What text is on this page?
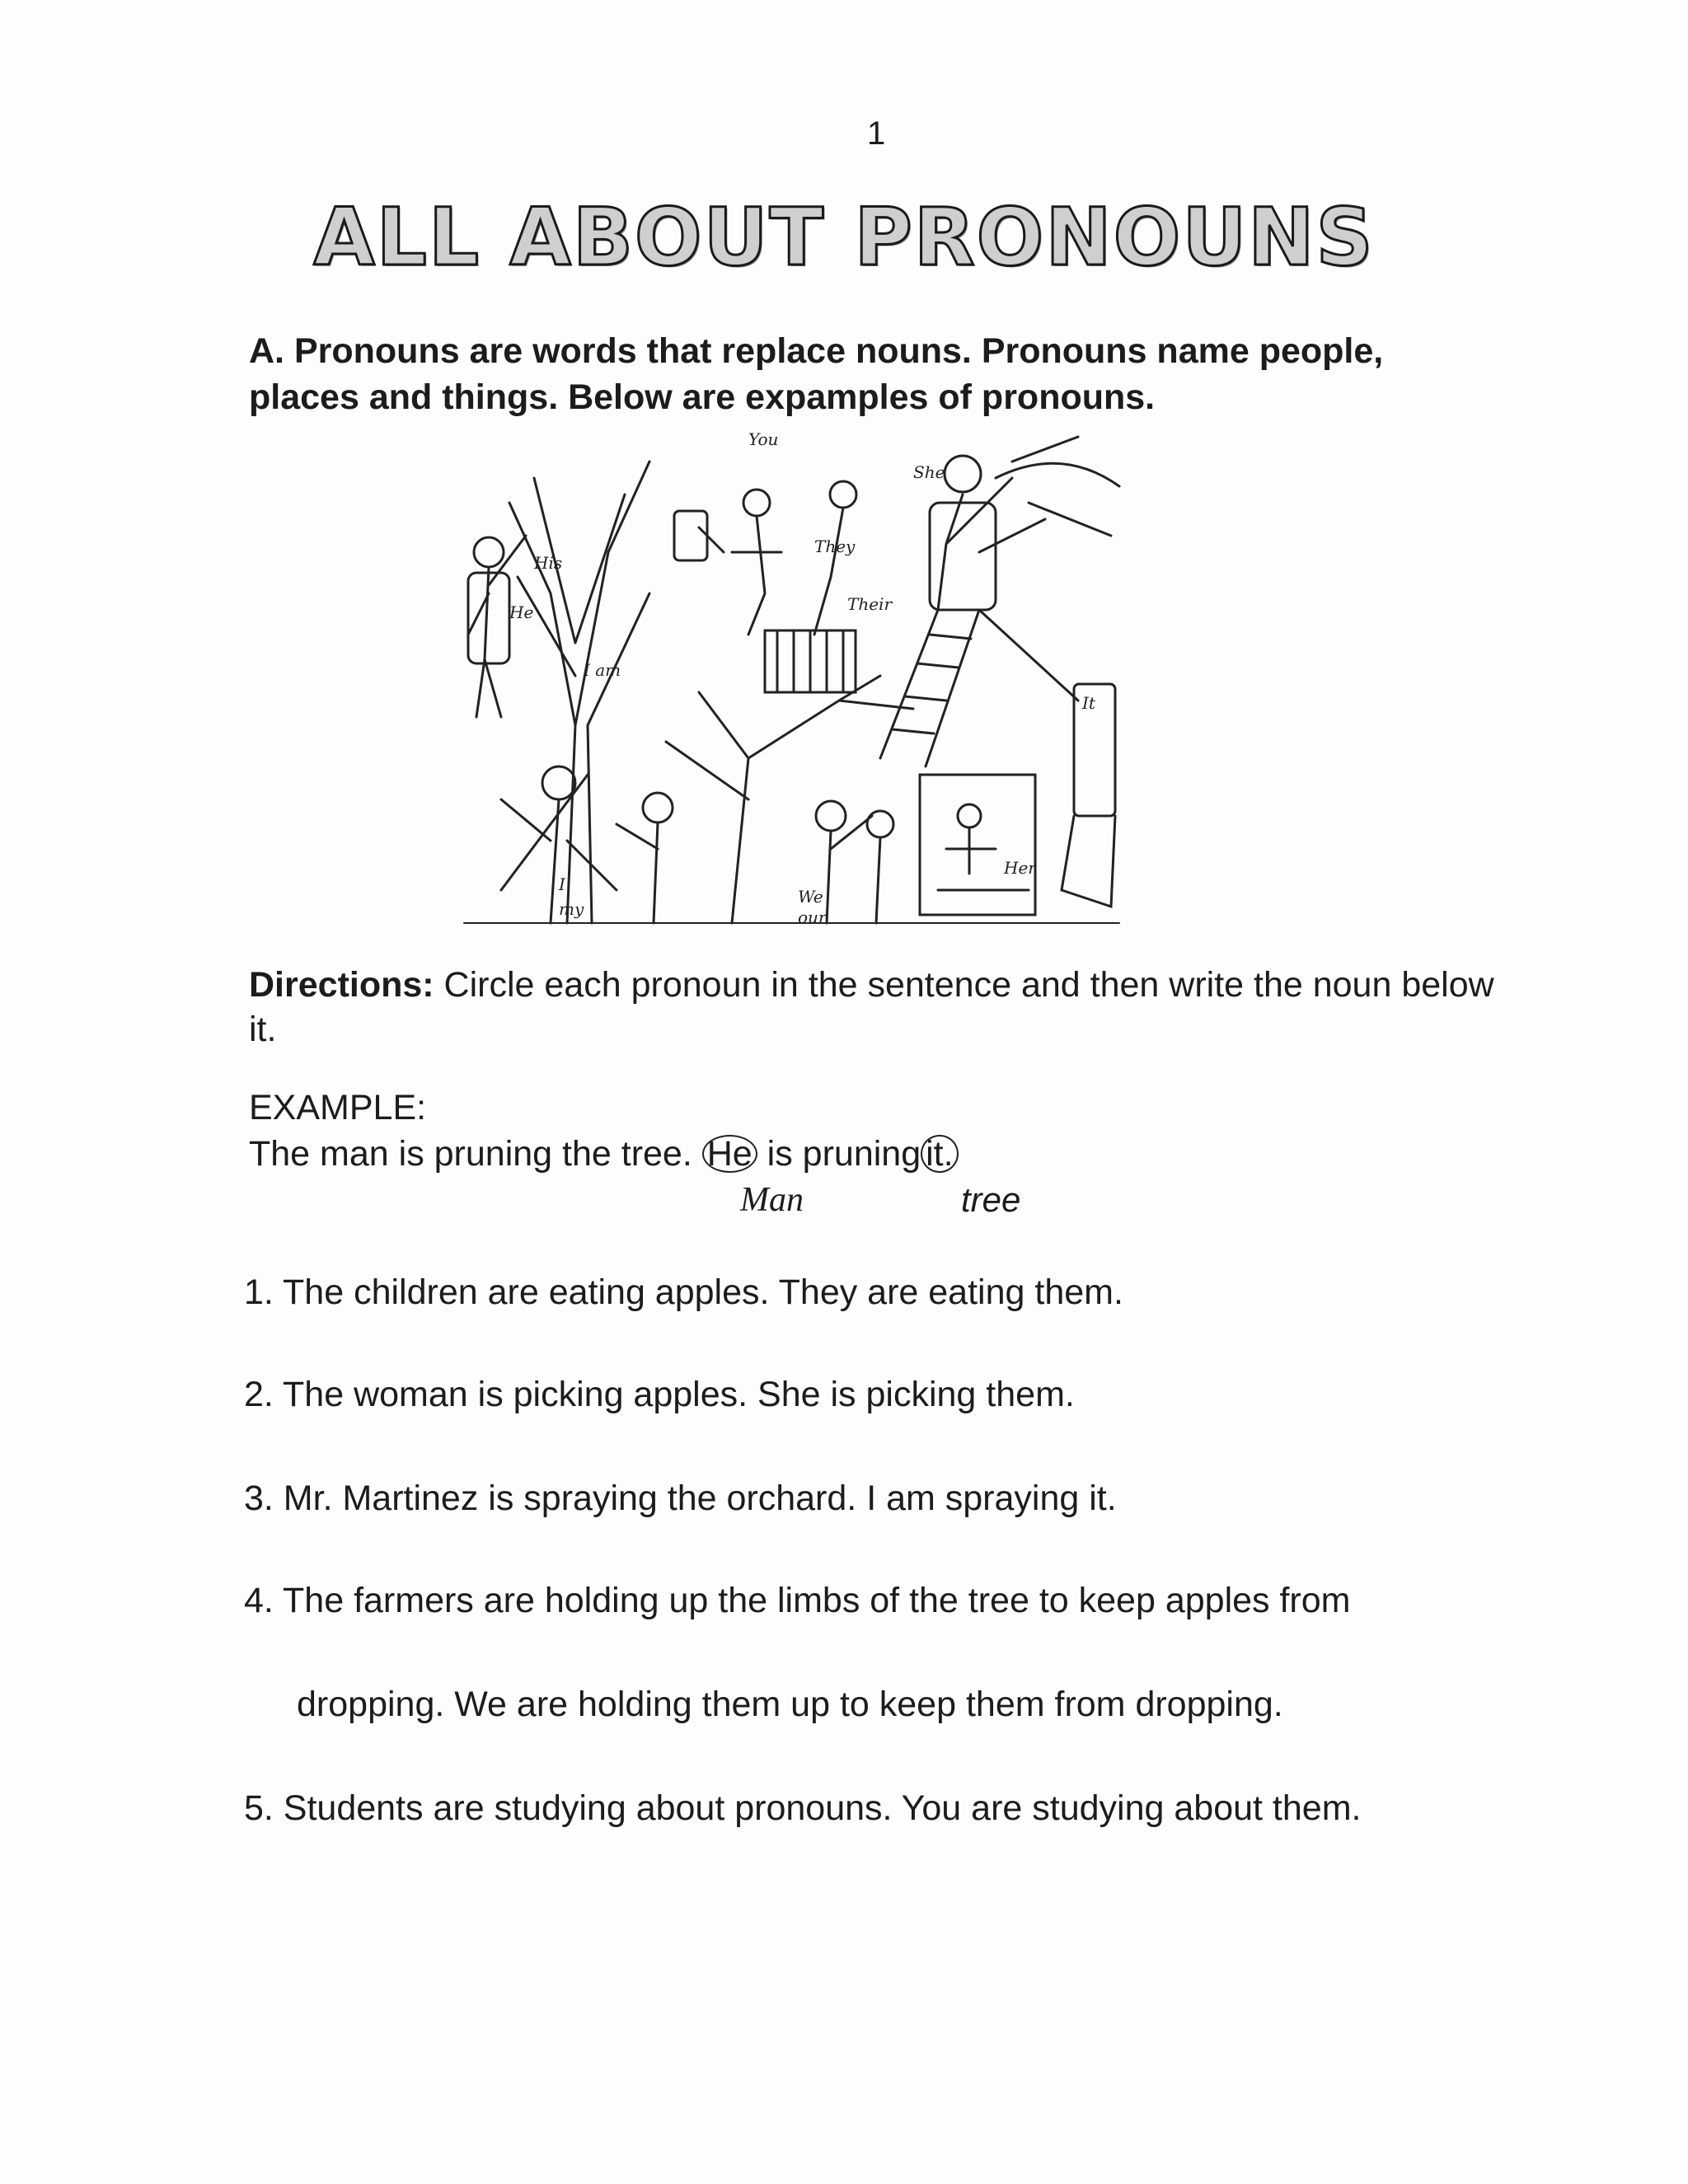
1
ALL ABOUT PRONOUNS
A. Pronouns are words that replace nouns. Pronouns name people,
places and things. Below are expamples of pronouns.
You
She
His
He
They
Their
I am
It
I
my
We
our
Her
Directions: Circle each pronoun in the sentence and then write the noun below it.
EXAMPLE:
The man is pruning the tree. He is pruning it.
Man	tree
1. The children are eating apples. They are eating them.
2. The woman is picking apples. She is picking them.
3. Mr. Martinez is spraying the orchard. I am spraying it.
4. The farmers are holding up the limbs of the tree to keep apples from
dropping. We are holding them up to keep them from dropping.
5. Students are studying about pronouns. You are studying about them.
